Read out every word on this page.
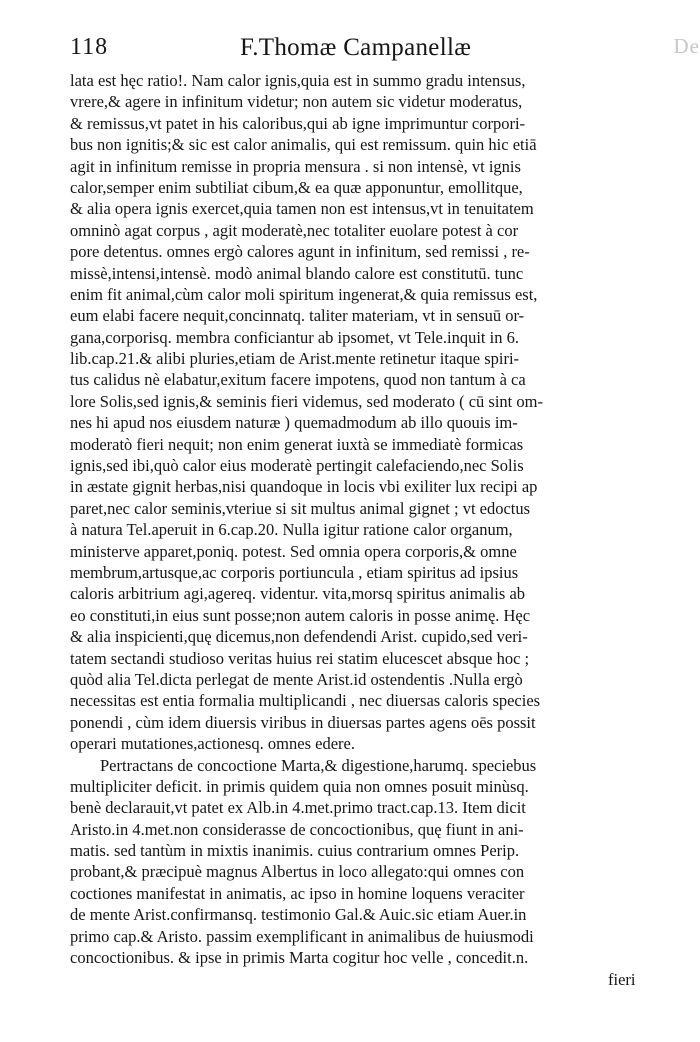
118	F.Thomæ Campanellæ	De
lata est hęc ratio!. Nam calor ignis,quia est in summo gradu intensus,
vrere,& agere in infinitum videtur; non autem sic videtur moderatus,
& remissus,vt patet in his caloribus,qui ab igne imprimuntur corpori-
bus non ignitis;& sic est calor animalis, qui est remissum. quin hic etiā
agit in infinitum remisse in propria mensura . si non intensè, vt ignis
calor,semper enim subtiliat cibum,& ea quæ apponuntur, emollitque,
& alia opera ignis exercet,quia tamen non est intensus,vt in tenuitatem
omninò agat corpus , agit moderatè,nec totaliter euolare potest à cor
pore detentus. omnes ergò calores agunt in infinitum, sed remissi , re-
missè,intensi,intensè. modò animal blando calore est constitutū. tunc
enim fit animal,cùm calor moli spiritum ingenerat,& quia remissus est,
eum elabi facere nequit,concinnatq. taliter materiam, vt in sensuū or-
gana,corporisq. membra conficiantur ab ipsomet, vt Tele.inquit in 6.
lib.cap.21.& alibi pluries,etiam de Arist.mente retinetur itaque spiri-
tus calidus nè elabatur,exitum facere impotens, quod non tantum à ca
lore Solis,sed ignis,& seminis fieri videmus, sed moderato ( cū sint om-
nes hi apud nos eiusdem naturæ ) quemadmodum ab illo quouis im-
moderatò fieri nequit; non enim generat iuxtà se immediatè formicas
ignis,sed ibi,quò calor eius moderatè pertingit calefaciendo,nec Solis
in æstate gignit herbas,nisi quandoque in locis vbi exiliter lux recipi ap
paret,nec calor seminis,vteriue si sit multus animal gignet ; vt edoctus
à natura Tel.aperuit in 6.cap.20. Nulla igitur ratione calor organum,
ministerve apparet,poniq. potest. Sed omnia opera corporis,& omne
membrum,artusque,ac corporis portiuncula , etiam spiritus ad ipsius
caloris arbitrium agi,agereq. videntur. vita,morsq spiritus animalis ab
eo constituti,in eius sunt posse;non autem caloris in posse animę. Hęc
& alia inspicienti,quę dicemus,non defendendi Arist. cupido,sed veri-
tatem sectandi studioso veritas huius rei statim elucescet absque hoc ;
quòd alia Tel.dicta perlegat de mente Arist.id ostendentis .Nulla ergò
necessitas est entia formalia multiplicandi , nec diuersas caloris species
ponendi , cùm idem diuersis viribus in diuersas partes agens oēs possit
operari mutationes,actionesq. omnes edere.
Pertractans de concoctione Marta,& digestione,harumq. speciebus
multipliciter deficit. in primis quidem quia non omnes posuit minùsq.
benè declarauit,vt patet ex Alb.in 4.met.primo tract.cap.13. Item dicit
Aristo.in 4.met.non considerasse de concoctionibus, quę fiunt in ani-
matis. sed tantùm in mixtis inanimis. cuius contrarium omnes Perip.
probant,& præcipuè magnus Albertus in loco allegato:qui omnes con
coctiones manifestat in animatis, ac ipso in homine loquens veraciter
de mente Arist.confirmansq. testimonio Gal.& Auic.sic etiam Auer.in
primo cap.& Aristo. passim exemplificant in animalibus de huiusmodi
concoctionibus. & ipse in primis Marta cogitur hoc velle , concedit.n.
fieri
